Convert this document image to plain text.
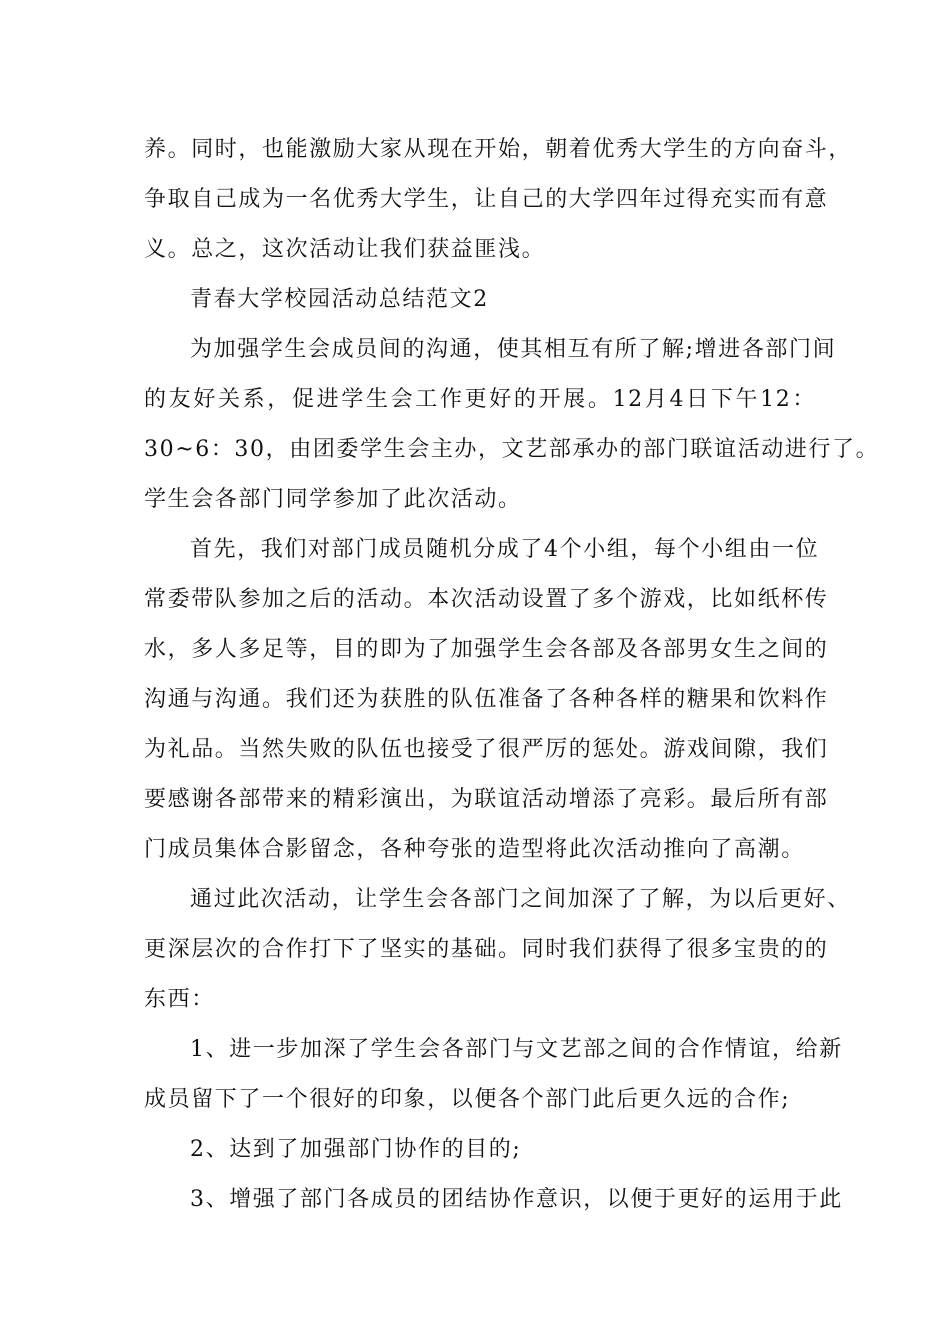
养。同时，也能激励大家从现在开始，朝着优秀大学生的方向奋斗，
争取自己成为一名优秀大学生，让自己的大学四年过得充实而有意
义。总之，这次活动让我们获益匪浅。
青春大学校园活动总结范文2
为加强学生会成员间的沟通，使其相互有所了解;增进各部门间
的友好关系，促进学生会工作更好的开展。12月4日下午12：
30~6：30，由团委学生会主办，文艺部承办的部门联谊活动进行了。
学生会各部门同学参加了此次活动。
首先，我们对部门成员随机分成了4个小组，每个小组由一位
常委带队参加之后的活动。本次活动设置了多个游戏，比如纸杯传
水，多人多足等，目的即为了加强学生会各部及各部男女生之间的
沟通与沟通。我们还为获胜的队伍准备了各种各样的糖果和饮料作
为礼品。当然失败的队伍也接受了很严厉的惩处。游戏间隙，我们
要感谢各部带来的精彩演出，为联谊活动增添了亮彩。最后所有部
门成员集体合影留念，各种夸张的造型将此次活动推向了高潮。
通过此次活动，让学生会各部门之间加深了了解，为以后更好、
更深层次的合作打下了坚实的基础。同时我们获得了很多宝贵的的
东西：
1、进一步加深了学生会各部门与文艺部之间的合作情谊，给新
成员留下了一个很好的印象，以便各个部门此后更久远的合作;
2、达到了加强部门协作的目的;
3、增强了部门各成员的团结协作意识，以便于更好的运用于此
